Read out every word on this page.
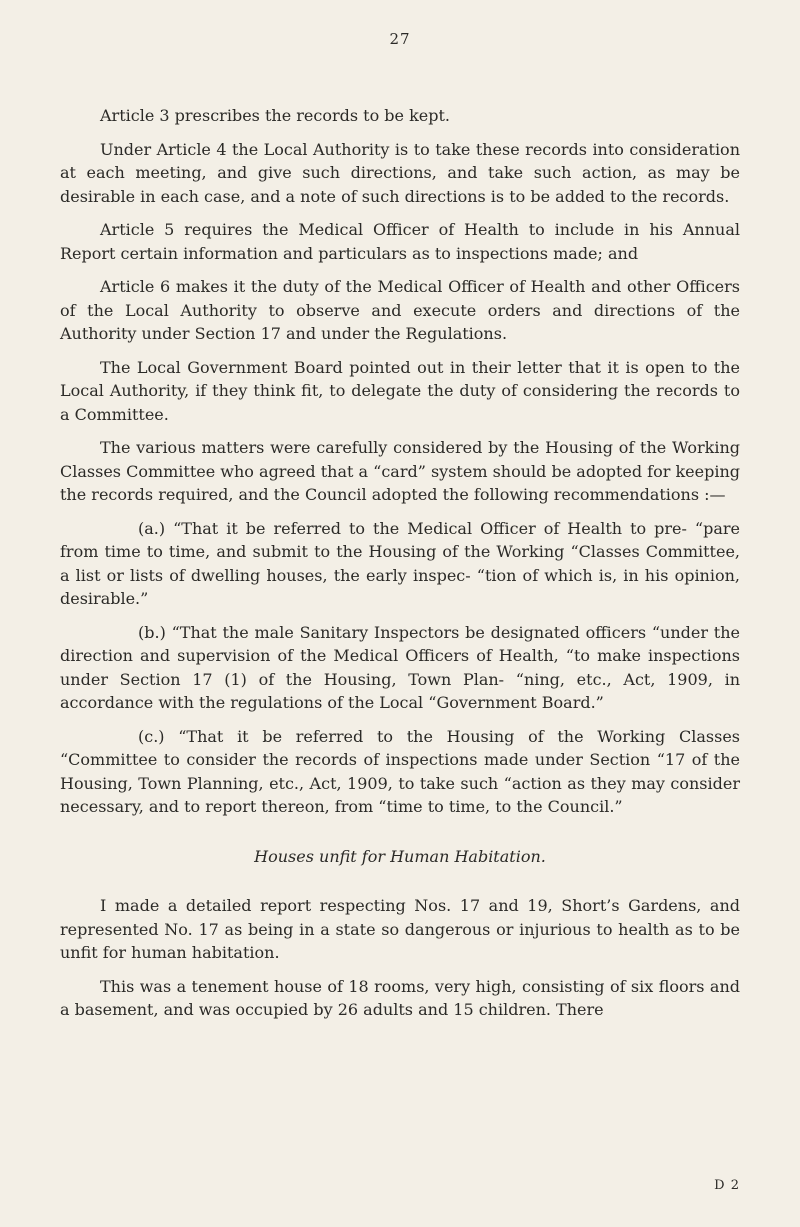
27

Article 3 prescribes the records to be kept.

Under Article 4 the Local Authority is to take these records into consideration at each meeting, and give such directions, and take such action, as may be desirable in each case, and a note of such directions is to be added to the records.

Article 5 requires the Medical Officer of Health to include in his Annual Report certain information and particulars as to inspections made; and

Article 6 makes it the duty of the Medical Officer of Health and other Officers of the Local Authority to observe and execute orders and directions of the Authority under Section 17 and under the Regulations.

The Local Government Board pointed out in their letter that it is open to the Local Authority, if they think fit, to delegate the duty of considering the records to a Committee.

The various matters were carefully considered by the Housing of the Working Classes Committee who agreed that a “card” system should be adopted for keeping the records required, and the Council adopted the following recommendations :—

(a.) “That it be referred to the Medical Officer of Health to pre- “pare from time to time, and submit to the Housing of the Working “Classes Committee, a list or lists of dwelling houses, the early inspec- “tion of which is, in his opinion, desirable.”

(b.) “That the male Sanitary Inspectors be designated officers “under the direction and supervision of the Medical Officers of Health, “to make inspections under Section 17 (1) of the Housing, Town Plan- “ning, etc., Act, 1909, in accordance with the regulations of the Local “Government Board.”

(c.) “That it be referred to the Housing of the Working Classes “Committee to consider the records of inspections made under Section “17 of the Housing, Town Planning, etc., Act, 1909, to take such “action as they may consider necessary, and to report thereon, from “time to time, to the Council.”

Houses unfit for Human Habitation.

I made a detailed report respecting Nos. 17 and 19, Short’s Gardens, and represented No. 17 as being in a state so dangerous or injurious to health as to be unfit for human habitation.

This was a tenement house of 18 rooms, very high, consisting of six floors and a basement, and was occupied by 26 adults and 15 children. There

D 2
